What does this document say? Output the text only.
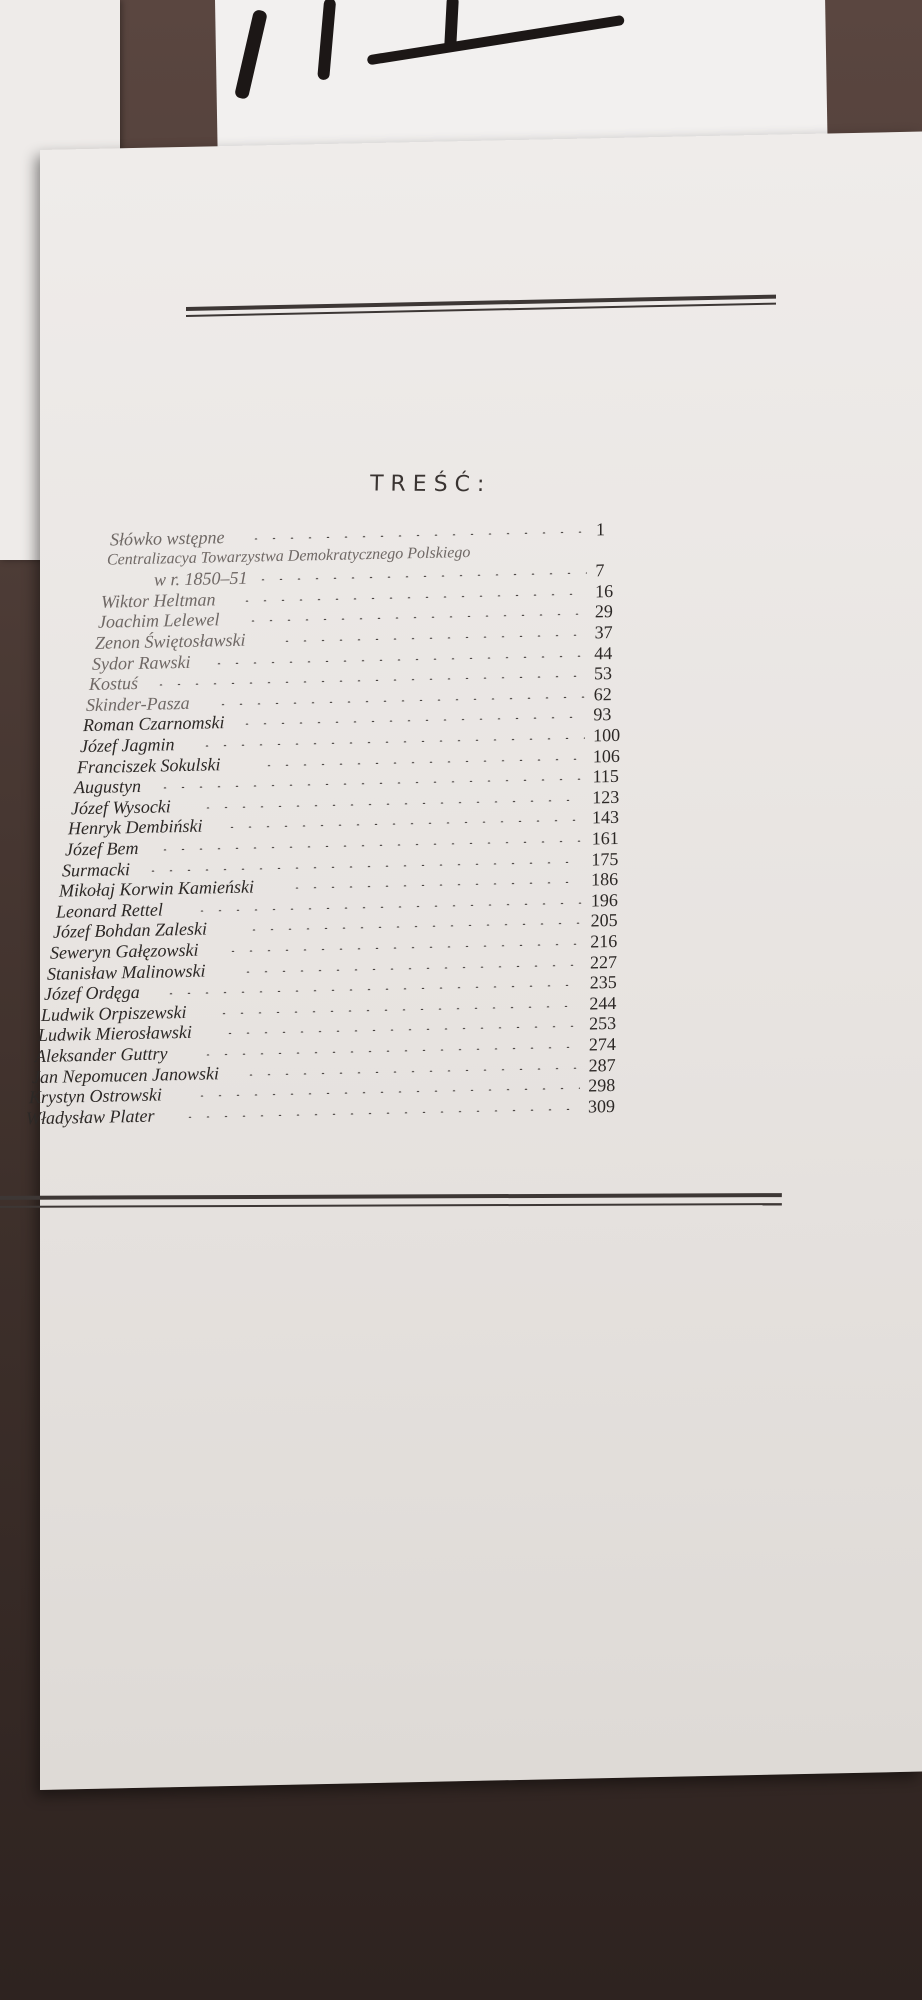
TREŚĆ:
Słówko wstępne	1
Centralizacya Towarzystwa Demokratycznego Polskiego
w r. 1850–51	7
Wiktor Heltman	16
Joachim Lelewel	29
Zenon Świętosławski	37
Sydor Rawski	44
Kostuś	53
Skinder-Pasza	62
Roman Czarnomski	93
Józef Jagmin	100
Franciszek Sokulski	106
Augustyn	115
Józef Wysocki	123
Henryk Dembiński	143
Józef Bem	161
Surmacki	175
Mikołaj Korwin Kamieński	186
Leonard Rettel	196
Józef Bohdan Zaleski	205
Seweryn Gałęzowski	216
Stanisław Malinowski	227
Józef Ordęga	235
Ludwik Orpiszewski	244
Ludwik Mierosławski	253
Aleksander Guttry	274
Jan Nepomucen Janowski	287
Krystyn Ostrowski	298
Władysław Plater	309
